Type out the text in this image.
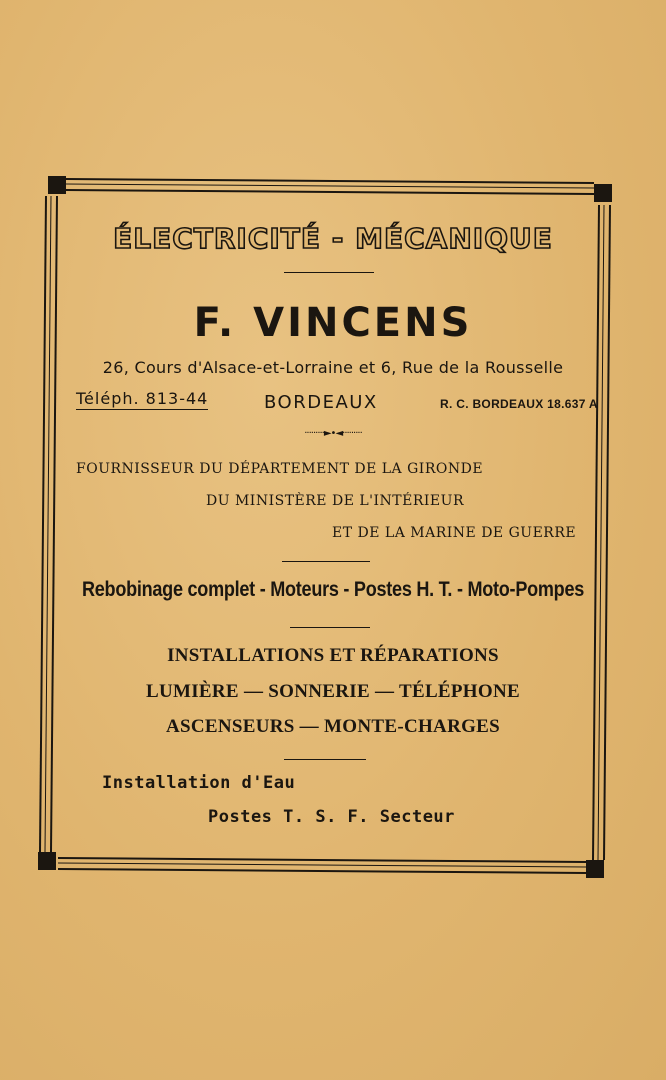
ÉLECTRICITÉ - MÉCANIQUE
F. VINCENS
26, Cours d'Alsace-et-Lorraine et 6, Rue de la Rousselle
Téléph. 813-44	BORDEAUX	R. C. BORDEAUX 18.637 A
·········►•◄·········
FOURNISSEUR DU DÉPARTEMENT DE LA GIRONDE
DU MINISTÈRE DE L'INTÉRIEUR
ET DE LA MARINE DE GUERRE
Rebobinage complet - Moteurs - Postes H. T. - Moto-Pompes
INSTALLATIONS ET RÉPARATIONS
LUMIÈRE — SONNERIE — TÉLÉPHONE
ASCENSEURS — MONTE-CHARGES
Installation d'Eau
Postes T. S. F. Secteur
